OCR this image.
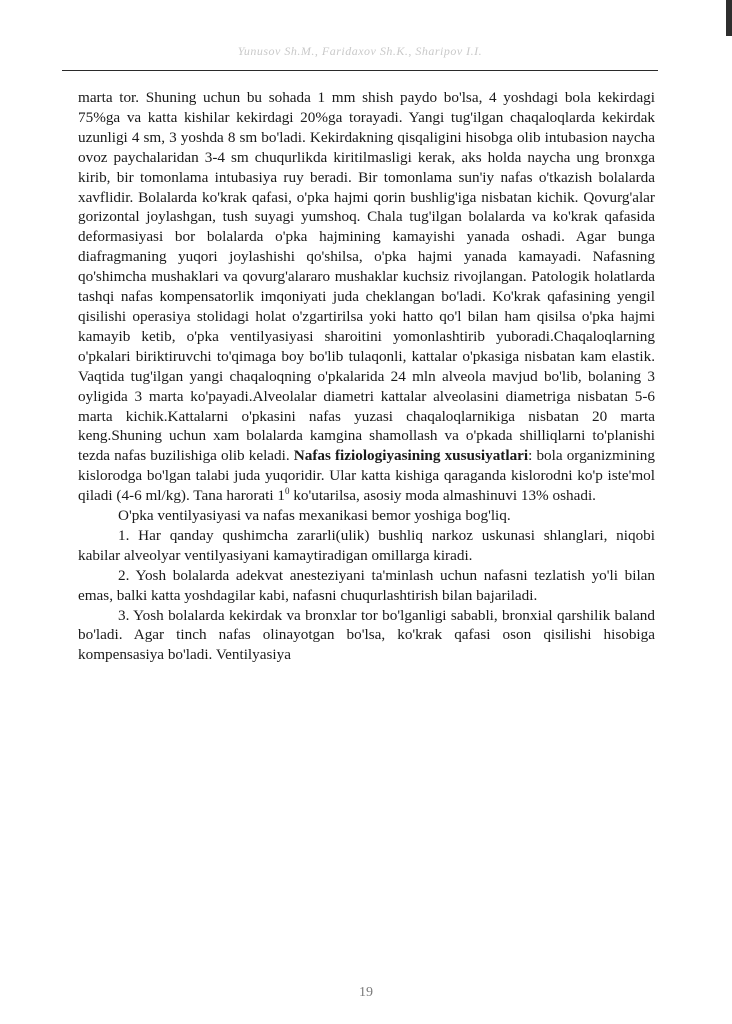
Yunusov Sh.M., Faridaxov Sh.K., Sharipov I.I.

marta tor. Shuning uchun bu sohada 1 mm shish paydo bo'lsa, 4 yoshdagi bola kekirdagi 75%ga va katta kishilar kekirdagi 20%ga torayadi. Yangi tug'ilgan chaqaloqlarda kekirdak uzunligi 4 sm, 3 yoshda 8 sm bo'ladi. Kekirdakning qisqaligini hisobga olib intubasion naycha ovoz paychalaridan 3-4 sm chuqurlikda kiritilmasligi kerak, aks holda naycha ung bronxga kirib, bir tomonlama intubasiya ruy beradi. Bir tomonlama sun'iy nafas o'tkazish bolalarda xavflidir. Bolalarda ko'krak qafasi, o'pka hajmi qorin bushlig'iga nisbatan kichik. Qovurg'alar gorizontal joylashgan, tush suyagi yumshoq. Chala tug'ilgan bolalarda va ko'krak qafasida deformasiyasi bor bolalarda o'pka hajmining kamayishi yanada oshadi. Agar bunga diafragmaning yuqori joylashishi qo'shilsa, o'pka hajmi yanada kamayadi. Nafasning qo'shimcha mushaklari va qovurg'alararo mushaklar kuchsiz rivojlangan. Patologik holatlarda tashqi nafas kompensatorlik imqoniyati juda cheklangan bo'ladi. Ko'krak qafasining yengil qisilishi operasiya stolidagi holat o'zgartirilsa yoki hatto qo'l bilan ham qisilsa o'pka hajmi kamayib ketib, o'pka ventilyasiyasi sharoitini yomonlashtirib yuboradi.Chaqaloqlarning o'pkalari biriktiruvchi to'qimaga boy bo'lib tulaqonli, kattalar o'pkasiga nisbatan kam elastik. Vaqtida tug'ilgan yangi chaqaloqning o'pkalarida 24 mln alveola mavjud bo'lib, bolaning 3 oyligida 3 marta ko'payadi.Alveolalar diametri kattalar alveolasini diametriga nisbatan 5-6 marta kichik.Kattalarni o'pkasini nafas yuzasi chaqaloqlarnikiga nisbatan 20 marta keng.Shuning uchun xam bolalarda kamgina shamollash va o'pkada shilliqlarni to'planishi tezda nafas buzilishiga olib keladi. Nafas fiziologiyasining xususiyatlari: bola organizmining kislorodga bo'lgan talabi juda yuqoridir. Ular katta kishiga qaraganda kislorodni ko'p iste'mol qiladi (4-6 ml/kg). Tana harorati $1^0$ ko'utarilsa, asosiy moda almashinuvi 13% oshadi.

O'pka ventilyasiyasi va nafas mexanikasi bemor yoshiga bog'liq.

1. Har qanday qushimcha zararli(ulik) bushliq narkoz uskunasi shlanglari, niqobi kabilar alveolyar ventilyasiyani kamaytiradigan omillarga kiradi.

2. Yosh bolalarda adekvat anesteziyani ta'minlash uchun nafasni tezlatish yo'li bilan emas, balki katta yoshdagilar kabi, nafasni chuqurlashtirish bilan bajariladi.

3. Yosh bolalarda kekirdak va bronxlar tor bo'lganligi sababli, bronxial qarshilik baland bo'ladi. Agar tinch nafas olinayotgan bo'lsa, ko'krak qafasi oson qisilishi hisobiga kompensasiya bo'ladi. Ventilyasiya

19
